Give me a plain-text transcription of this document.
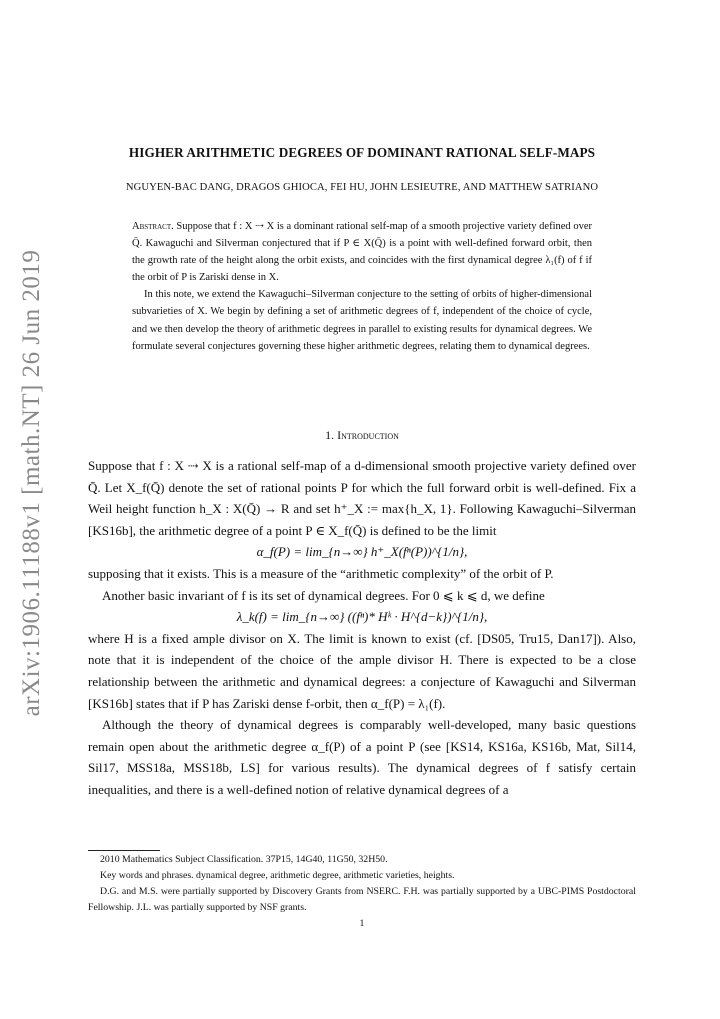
arXiv:1906.11188v1 [math.NT] 26 Jun 2019
HIGHER ARITHMETIC DEGREES OF DOMINANT RATIONAL SELF-MAPS
NGUYEN-BAC DANG, DRAGOS GHIOCA, FEI HU, JOHN LESIEUTRE, AND MATTHEW SATRIANO

Abstract. Suppose that f : X ⇢ X is a dominant rational self-map of a smooth projective variety defined over Q̄. Kawaguchi and Silverman conjectured that if P ∈ X(Q̄) is a point with well-defined forward orbit, then the growth rate of the height along the orbit exists, and coincides with the first dynamical degree λ₁(f) of f if the orbit of P is Zariski dense in X.

In this note, we extend the Kawaguchi–Silverman conjecture to the setting of orbits of higher-dimensional subvarieties of X. We begin by defining a set of arithmetic degrees of f, independent of the choice of cycle, and we then develop the theory of arithmetic degrees in parallel to existing results for dynamical degrees. We formulate several conjectures governing these higher arithmetic degrees, relating them to dynamical degrees.

1. Introduction

Suppose that f : X ⇢ X is a rational self-map of a d-dimensional smooth projective variety defined over Q̄. Let X_f(Q̄) denote the set of rational points P for which the full forward orbit is well-defined. Fix a Weil height function h_X : X(Q̄) → R and set h⁺_X := max{h_X, 1}. Following Kawaguchi–Silverman [KS16b], the arithmetic degree of a point P ∈ X_f(Q̄) is defined to be the limit

α_f(P) = lim_{n→∞} h⁺_X(fⁿ(P))^{1/n},

supposing that it exists. This is a measure of the “arithmetic complexity” of the orbit of P.

Another basic invariant of f is its set of dynamical degrees. For 0 ⩽ k ⩽ d, we define

λ_k(f) = lim_{n→∞} ((fⁿ)* Hᵏ · H^{d−k})^{1/n},

where H is a fixed ample divisor on X. The limit is known to exist (cf. [DS05, Tru15, Dan17]). Also, note that it is independent of the choice of the ample divisor H. There is expected to be a close relationship between the arithmetic and dynamical degrees: a conjecture of Kawaguchi and Silverman [KS16b] states that if P has Zariski dense f-orbit, then α_f(P) = λ₁(f).

Although the theory of dynamical degrees is comparably well-developed, many basic questions remain open about the arithmetic degree α_f(P) of a point P (see [KS14, KS16a, KS16b, Mat, Sil14, Sil17, MSS18a, MSS18b, LS] for various results). The dynamical degrees of f satisfy certain inequalities, and there is a well-defined notion of relative dynamical degrees of a

2010 Mathematics Subject Classification. 37P15, 14G40, 11G50, 32H50.

Key words and phrases. dynamical degree, arithmetic degree, arithmetic varieties, heights.

D.G. and M.S. were partially supported by Discovery Grants from NSERC. F.H. was partially supported by a UBC-PIMS Postdoctoral Fellowship. J.L. was partially supported by NSF grants.

1
